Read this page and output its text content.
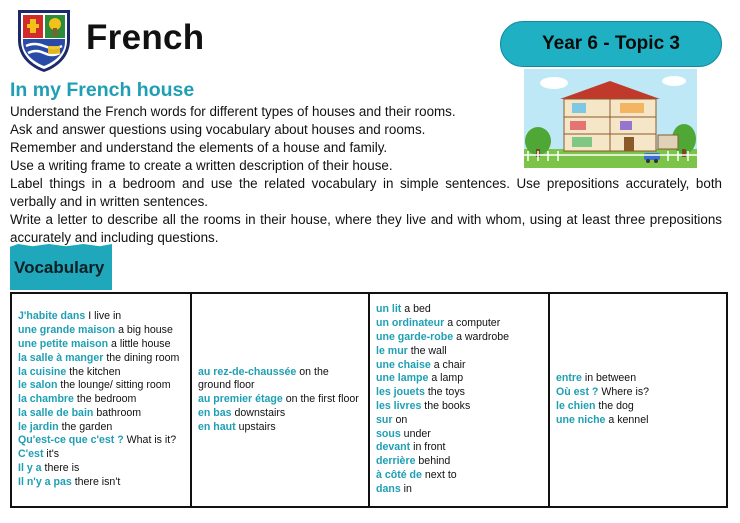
French	Year 6 - Topic 3
In my French house
Understand the French words for different types of houses and their rooms.
Ask and answer questions using vocabulary about houses and rooms.
Remember and understand the elements of a house and family.
Use a writing frame to create a written description of their house.
Label things in a bedroom and use the related vocabulary in simple sentences. Use prepositions accurately, both verbally and in written sentences.
Write a letter to describe all the rooms in their house, where they live and with whom, using at least three prepositions accurately and including questions.
Vocabulary
J'habite dans I live in
une grande maison a big house
une petite maison a little house
la salle à manger the dining room
la cuisine the kitchen
le salon the lounge/ sitting room
la chambre the bedroom
la salle de bain bathroom
le jardin the garden
Qu'est-ce que c'est ? What is it?
C'est it's
Il y a there is
Il n'y a pas there isn't
au rez-de-chaussée on the ground floor
au premier étage on the first floor
en bas downstairs
en haut upstairs
un lit a bed
un ordinateur a computer
une garde-robe a wardrobe
le mur the wall
une chaise a chair
une lampe a lamp
les jouets the toys
les livres the books
sur on
sous under
devant in front
derrière behind
à côté de next to
dans in
entre in between
Où est ? Where is?
le chien the dog
une niche a kennel
